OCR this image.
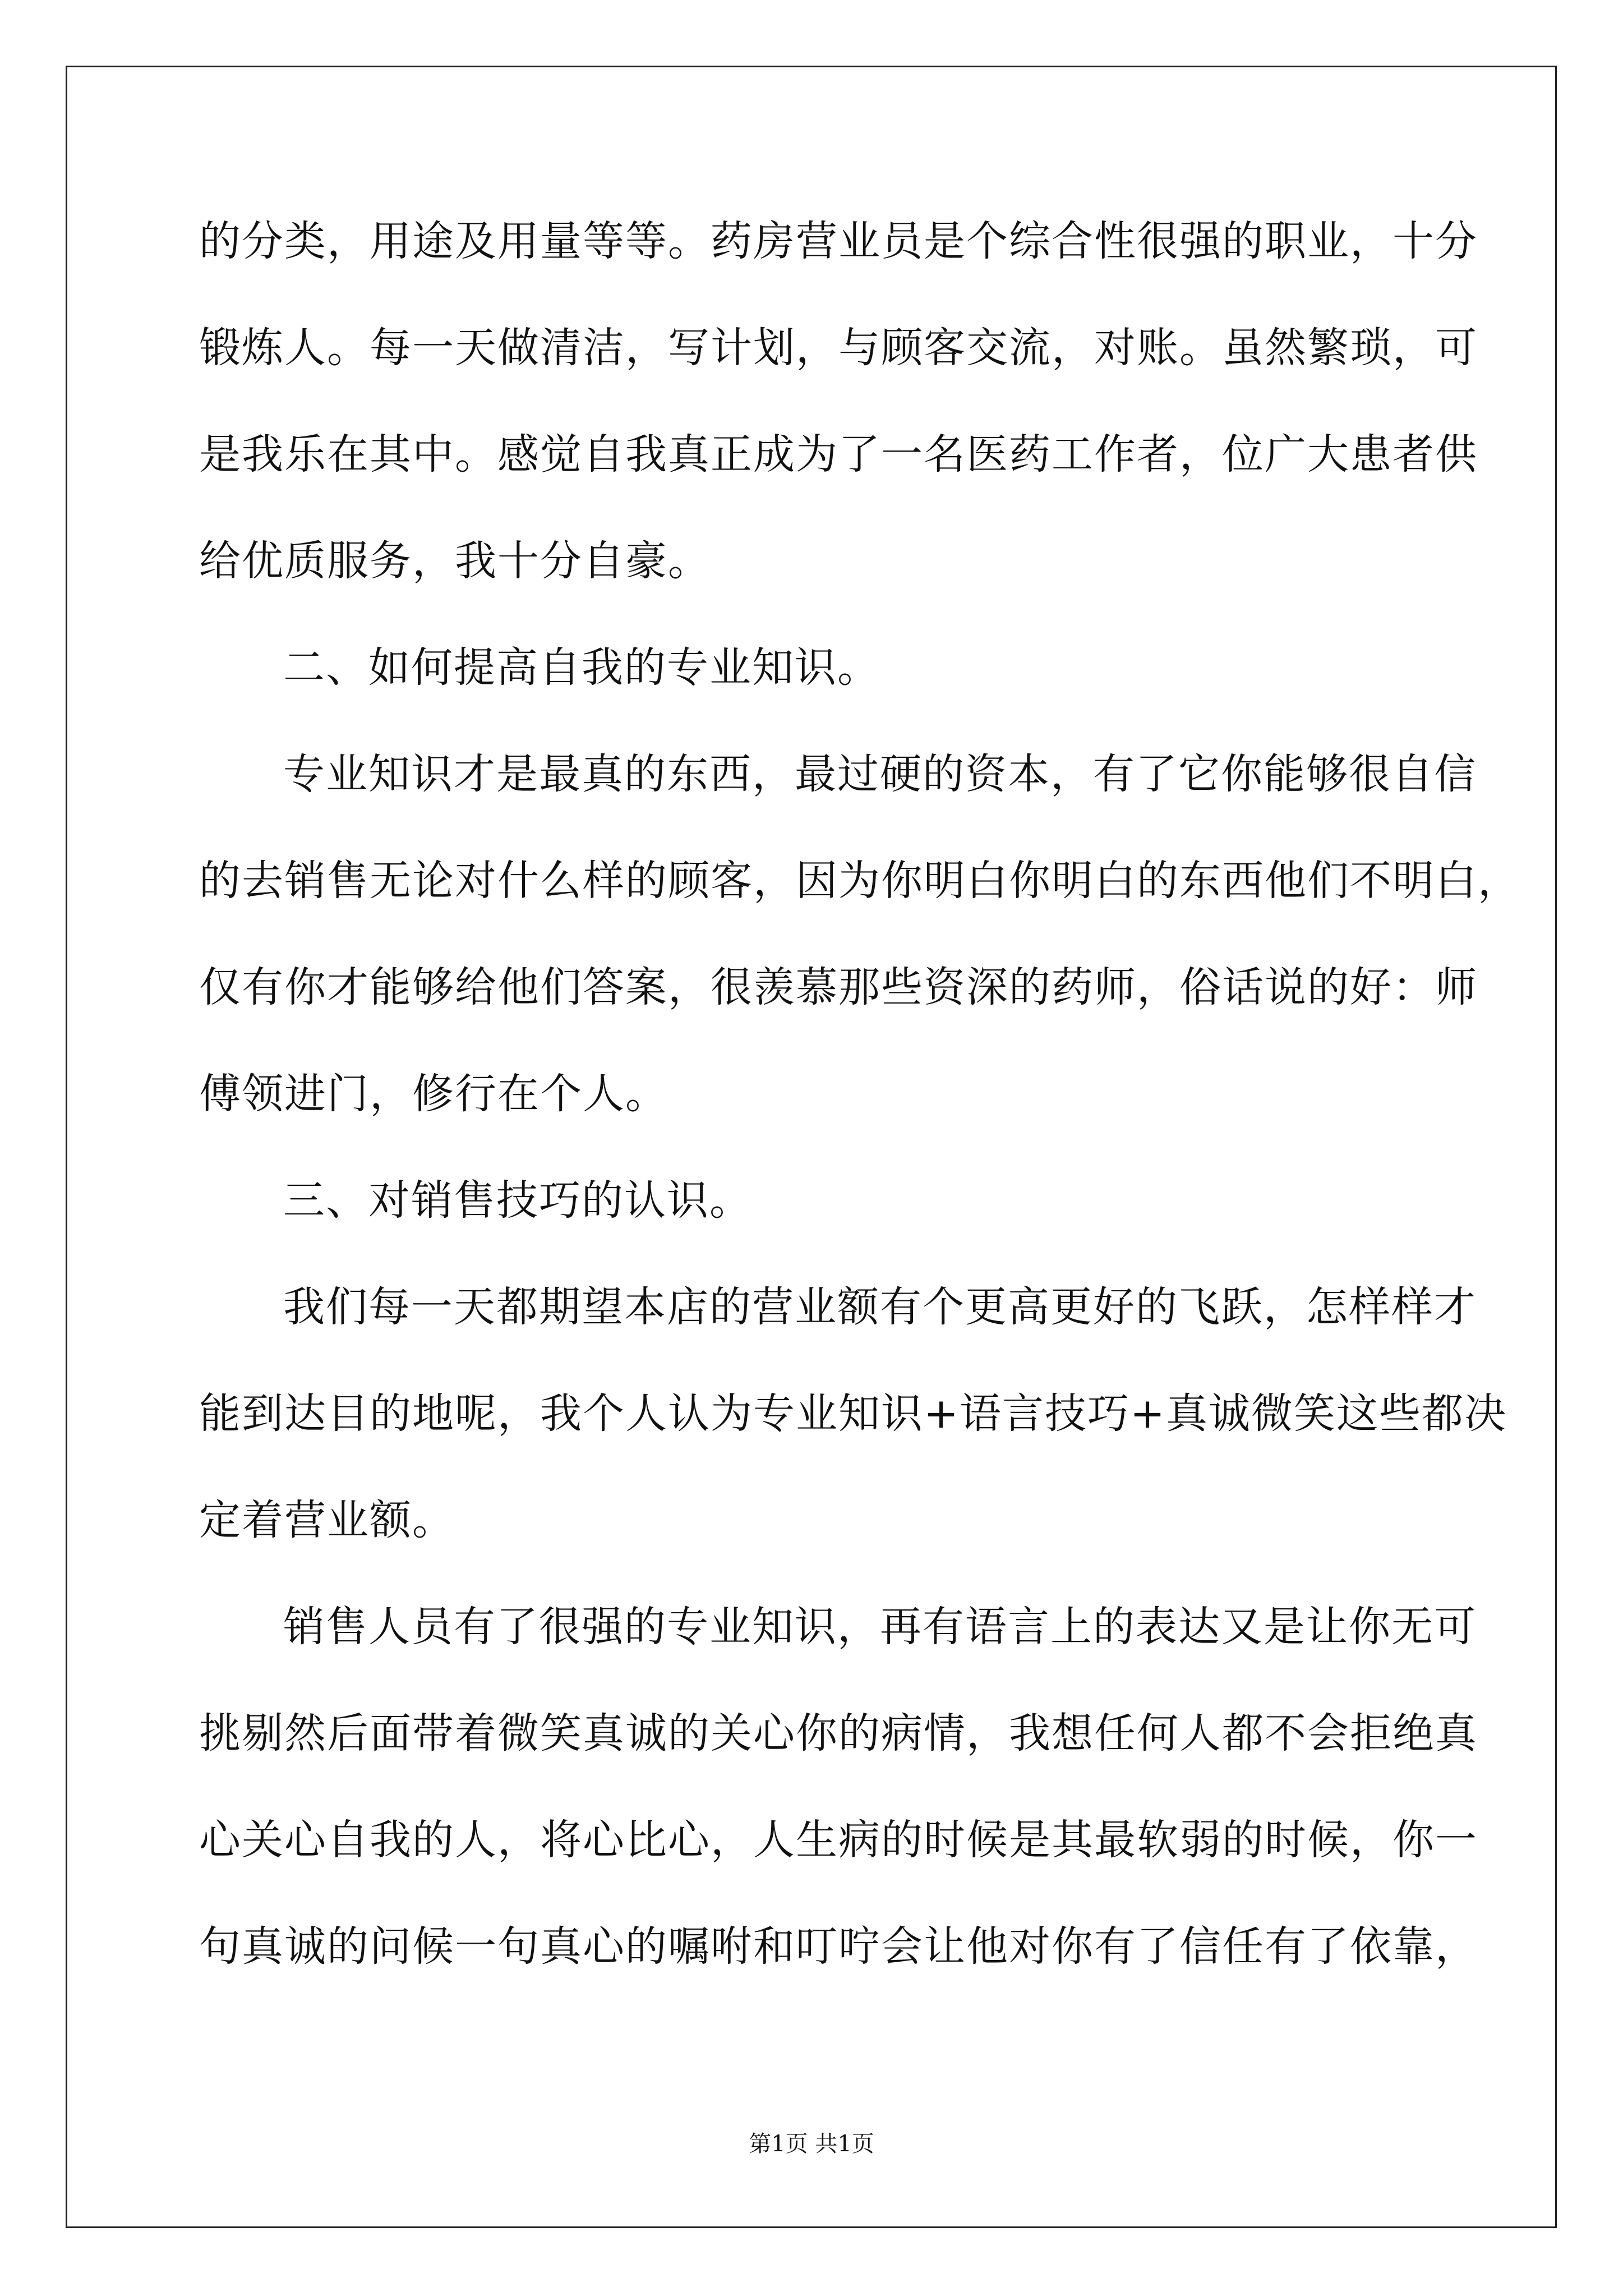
的分类，用途及用量等等。药房营业员是个综合性很强的职业，十分
锻炼人。每一天做清洁，写计划，与顾客交流，对账。虽然繁琐，可
是我乐在其中。感觉自我真正成为了一名医药工作者，位广大患者供
给优质服务，我十分自豪。
二、如何提高自我的专业知识。
专业知识才是最真的东西，最过硬的资本，有了它你能够很自信
的去销售无论对什么样的顾客，因为你明白你明白的东西他们不明白，
仅有你才能够给他们答案，很羡慕那些资深的药师，俗话说的好：师
傅领进门，修行在个人。
三、对销售技巧的认识。
我们每一天都期望本店的营业额有个更高更好的飞跃，怎样样才
能到达目的地呢，我个人认为专业知识+语言技巧+真诚微笑这些都决
定着营业额。
销售人员有了很强的专业知识，再有语言上的表达又是让你无可
挑剔然后面带着微笑真诚的关心你的病情，我想任何人都不会拒绝真
心关心自我的人，将心比心，人生病的时候是其最软弱的时候，你一
句真诚的问候一句真心的嘱咐和叮咛会让他对你有了信任有了依靠，
第1页 共1页
